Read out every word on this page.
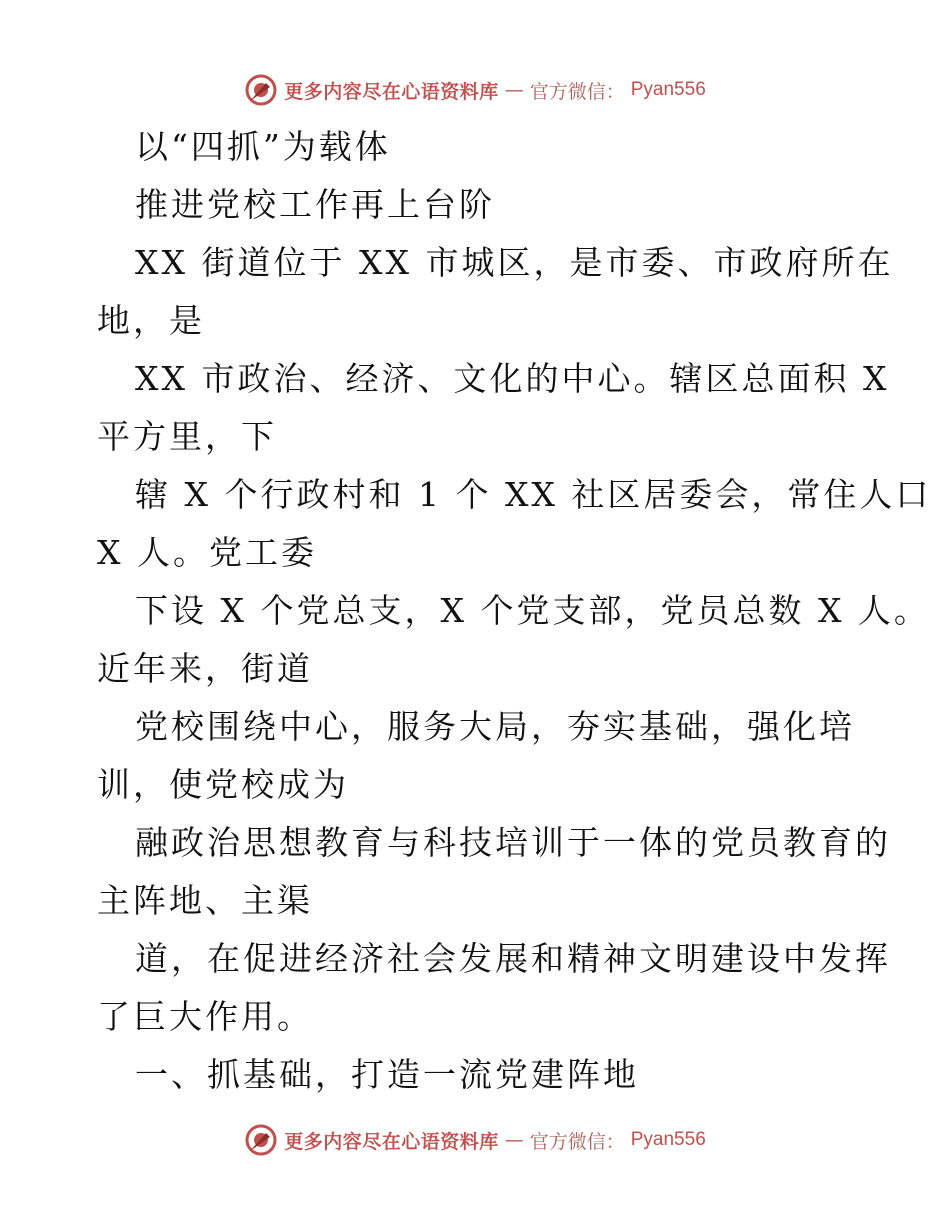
更多内容尽在心语资料库 — 官方微信： Pyan556
以“四抓”为载体
推进党校工作再上台阶
XX 街道位于 XX 市城区，是市委、市政府所在
地，是
XX 市政治、经济、文化的中心。辖区总面积 X
平方里，下
辖 X 个行政村和 1 个 XX 社区居委会，常住人口
X 人。党工委
下设 X 个党总支，X 个党支部，党员总数 X 人。
近年来，街道
党校围绕中心，服务大局，夯实基础，强化培
训，使党校成为
融政治思想教育与科技培训于一体的党员教育的
主阵地、主渠
道，在促进经济社会发展和精神文明建设中发挥
了巨大作用。
一、抓基础，打造一流党建阵地
更多内容尽在心语资料库 — 官方微信： Pyan556
